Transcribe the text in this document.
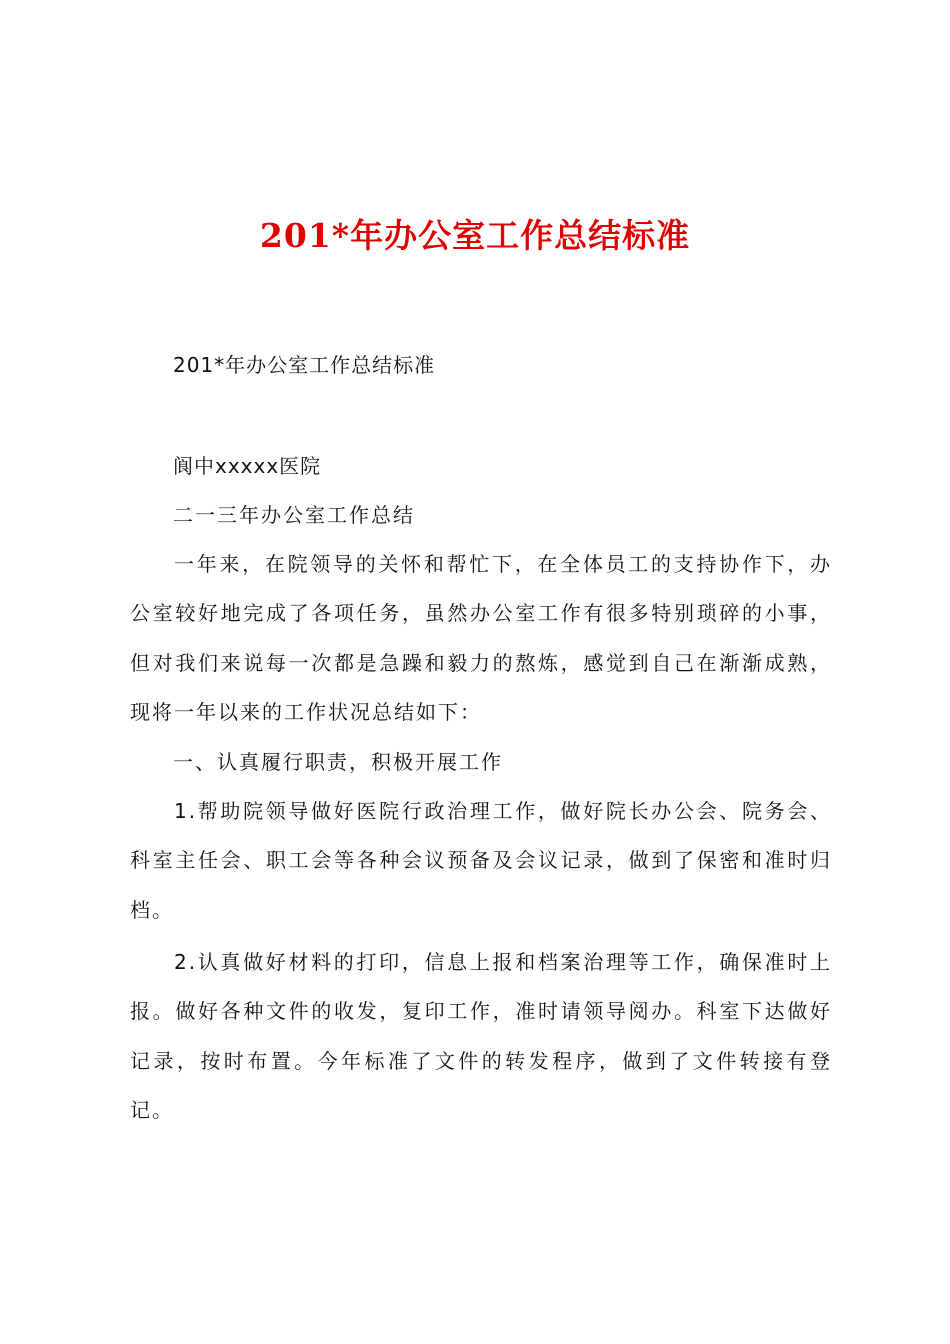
201*年办公室工作总结标准
201*年办公室工作总结标准
阆中xxxxx医院
二一三年办公室工作总结
一年来，在院领导的关怀和帮忙下，在全体员工的支持协作下，办公室较好地完成了各项任务，虽然办公室工作有很多特别琐碎的小事，但对我们来说每一次都是急躁和毅力的熬炼，感觉到自己在渐渐成熟，现将一年以来的工作状况总结如下：
一、认真履行职责，积极开展工作
1.帮助院领导做好医院行政治理工作，做好院长办公会、院务会、科室主任会、职工会等各种会议预备及会议记录，做到了保密和准时归档。
2.认真做好材料的打印，信息上报和档案治理等工作，确保准时上报。做好各种文件的收发，复印工作，准时请领导阅办。科室下达做好记录，按时布置。今年标准了文件的转发程序，做到了文件转接有登记。
